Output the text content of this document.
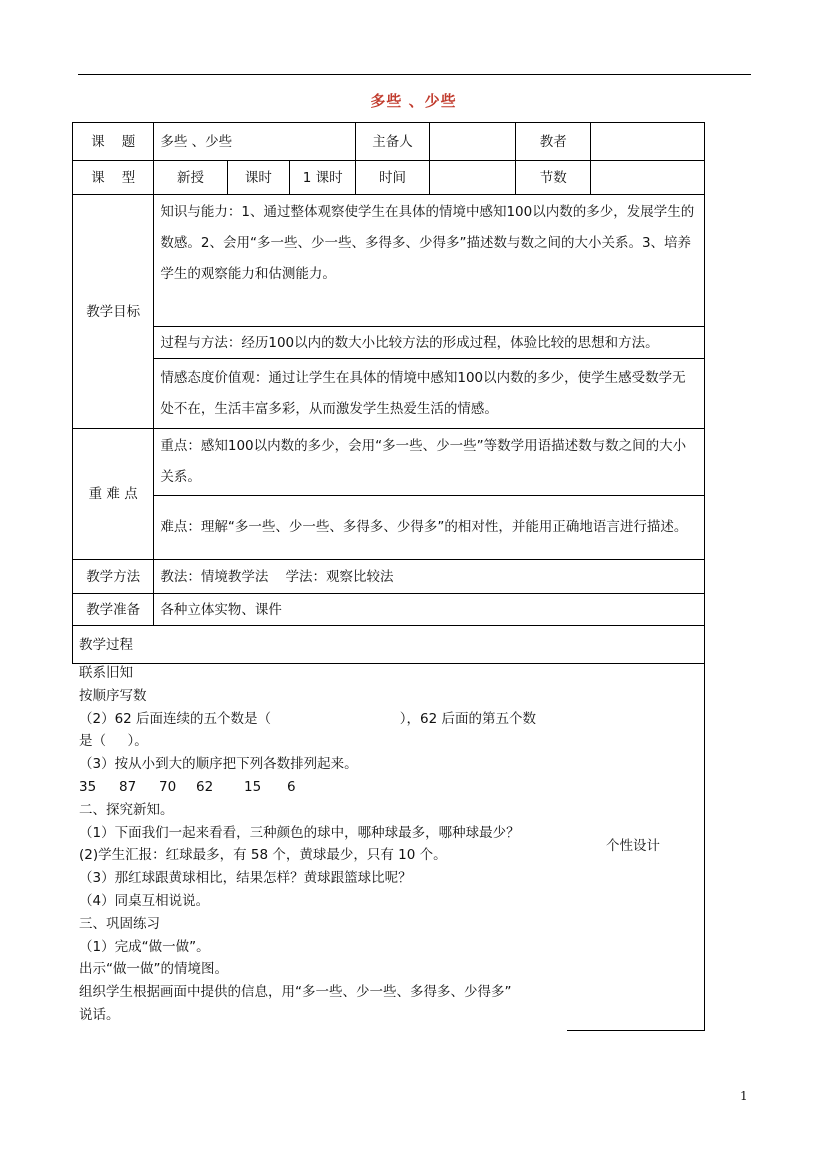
多些 、少些
课    题	多些 、少些			主备人		教者	
课    型	新授	课时	1 课时	时间		节数	
教学目标	知识与能力：1、通过整体观察使学生在具体的情境中感知100以内数的多少，发展学生的数感。2、会用“多一些、少一些、多得多、少得多”描述数与数之间的大小关系。3、培养学生的观察能力和估测能力。						

	过程与方法：经历100以内的数大小比较方法的形成过程，体验比较的思想和方法。						

	情感态度价值观：通过让学生在具体的情境中感知100以内数的多少，使学生感受数学无处不在，生活丰富多彩，从而激发学生热爱生活的情感。						

重 难 点	重点：感知100以内数的多少，会用“多一些、少一些”等数学用语描述数与数之间的大小关系。						

	难点：理解“多一些、少一些、多得多、少得多”的相对性，并能用正确地语言进行描述。						

教学方法	教法：情境教学法    学法：观察比较法						
教学准备	各种立体实物、课件						
教学过程							
联系旧知
按顺序写数
（2）62 后面连续的五个数是（                              ），62 后面的第五个数
是（     ）。
（3）按从小到大的顺序把下列各数排列起来。
35 87 70 62 15 6
二、探究新知。
（1）下面我们一起来看看，三种颜色的球中，哪种球最多，哪种球最少？
(2)学生汇报：红球最多，有 58 个，黄球最少，只有 10 个。
（3）那红球跟黄球相比，结果怎样？黄球跟篮球比呢？
（4）同桌互相说说。
三、巩固练习
（1）完成“做一做”。
出示“做一做”的情境图。
组织学生根据画面中提供的信息，用“多一些、少一些、多得多、少得多”
说话。
个性设计
1
